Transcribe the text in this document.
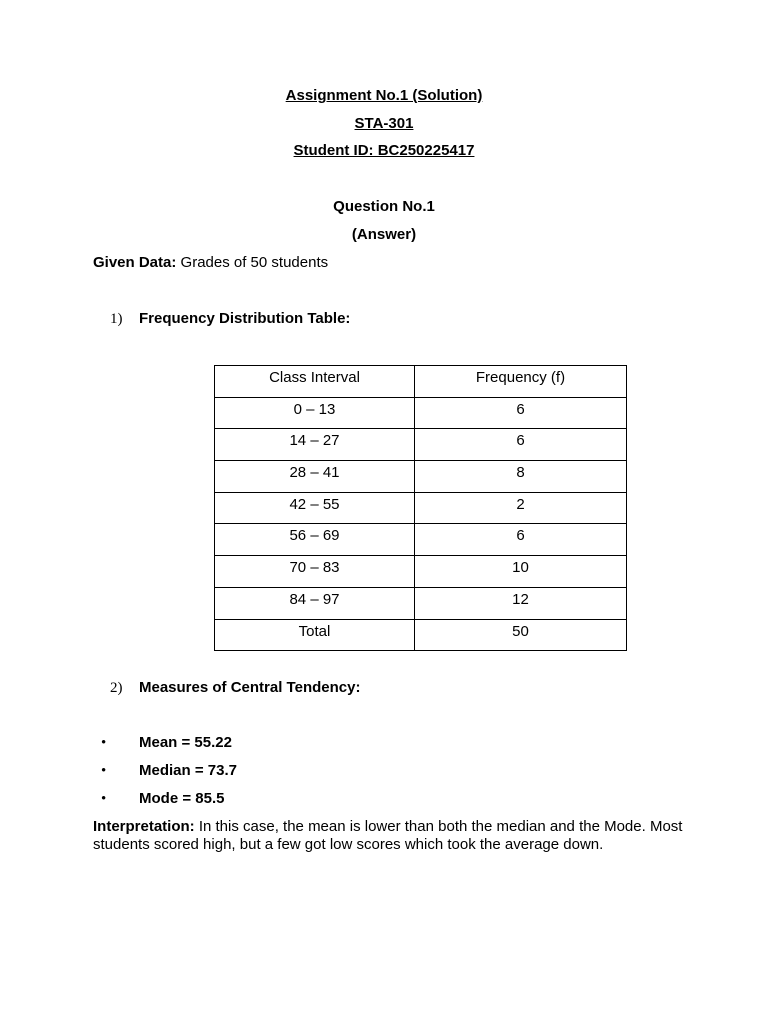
Assignment No.1 (Solution)
STA-301
Student ID: BC250225417
Question No.1
(Answer)
Given Data: Grades of 50 students
1) Frequency Distribution Table:
Class Interval	Frequency (f)
0 – 13	6
14 – 27	6
28 – 41	8
42 – 55	2
56 – 69	6
70 – 83	10
84 – 97	12
Total	50
2) Measures of Central Tendency:
• Mean = 55.22
• Median = 73.7
• Mode = 85.5
Interpretation: In this case, the mean is lower than both the median and the Mode. Most students scored high, but a few got low scores which took the average down.
